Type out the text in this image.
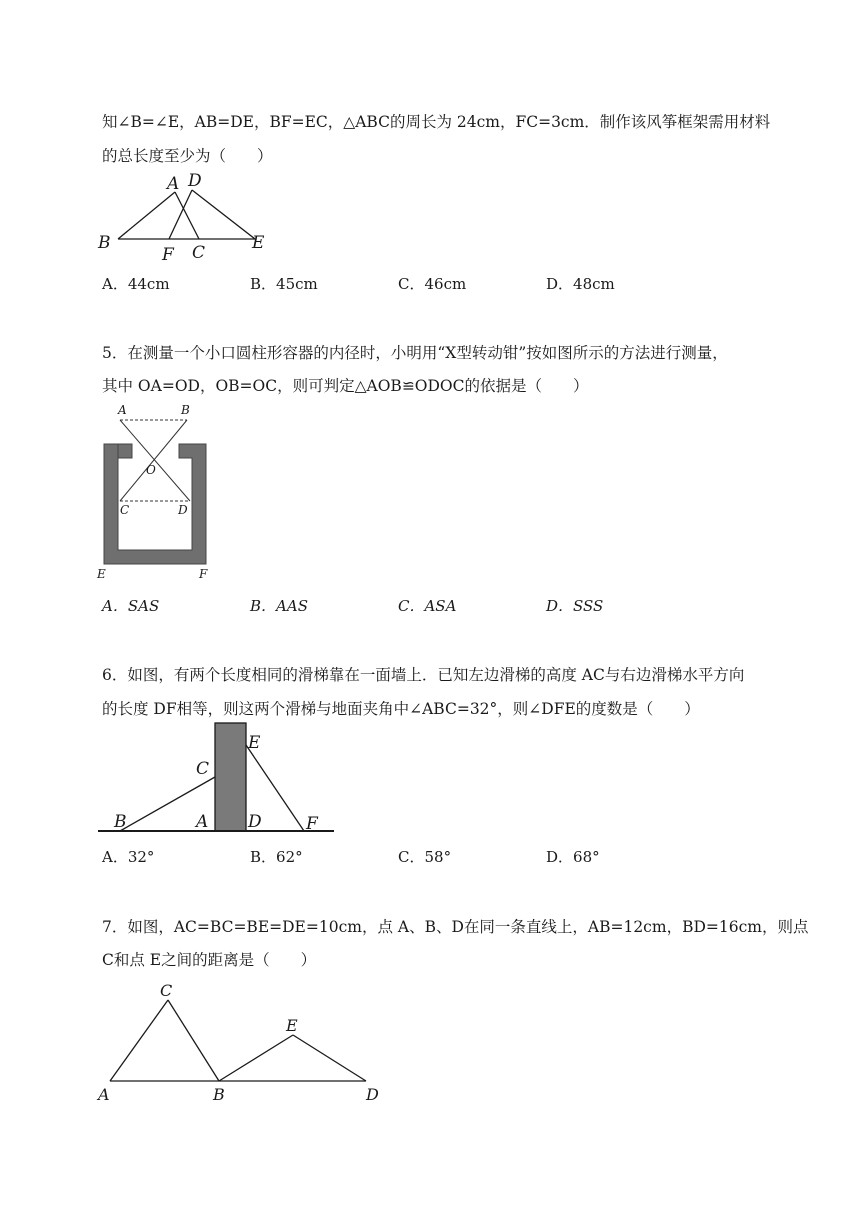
知∠B=∠E，AB=DE，BF=EC，△ABC的周长为 24cm，FC=3cm．制作该风筝框架需用材料
的总长度至少为（　　）
A D
B
F C	E
A．44cm	B．45cm	C．46cm	D．48cm
5．在测量一个小口圆柱形容器的内径时，小明用“X型转动钳”按如图所示的方法进行测量，
其中 OA=OD，OB=OC，则可判定△AOB≌ODOC的依据是（　　）
A	B
O
C	D
E	F
A．SAS	B．AAS	C．ASA	D．SSS
6．如图，有两个长度相同的滑梯靠在一面墙上．已知左边滑梯的高度 AC与右边滑梯水平方向
的长度 DF相等，则这两个滑梯与地面夹角中∠ABC=32°，则∠DFE的度数是（　　）
E
C
B	A D	F
A．32°	B．62°	C．58°	D．68°
7．如图，AC=BC=BE=DE=10cm，点 A、B、D在同一条直线上，AB=12cm，BD=16cm，则点
C和点 E之间的距离是（　　）
C
E
A	B	D
